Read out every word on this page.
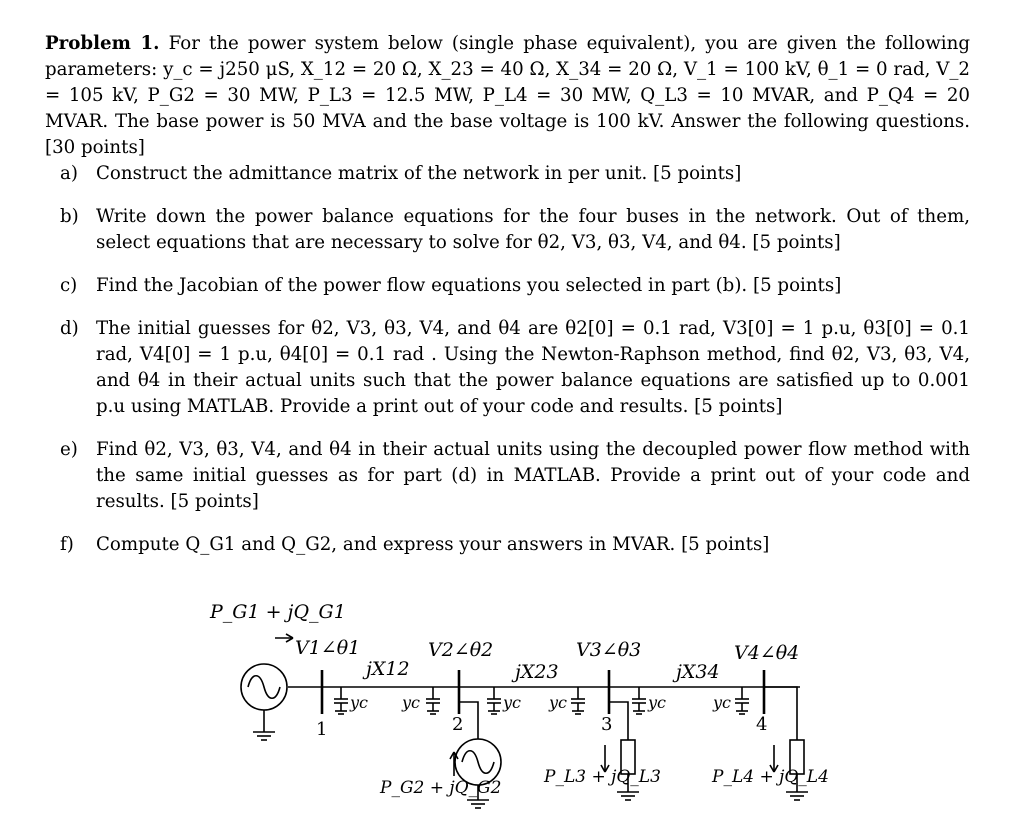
Problem 1. For the power system below (single phase equivalent), you are given the following parameters: y_c = j250 μS, X_12 = 20 Ω, X_23 = 40 Ω, X_34 = 20 Ω, V_1 = 100 kV, θ_1 = 0 rad, V_2 = 105 kV, P_G2 = 30 MW, P_L3 = 12.5 MW, P_L4 = 30 MW, Q_L3 = 10 MVAR, and P_Q4 = 20 MVAR. The base power is 50 MVA and the base voltage is 100 kV. Answer the following questions. [30 points]
a) Construct the admittance matrix of the network in per unit. [5 points]
b) Write down the power balance equations for the four buses in the network. Out of them, select equations that are necessary to solve for θ2, V3, θ3, V4, and θ4. [5 points]
c)	Find the Jacobian of the power flow equations you selected in part (b). [5 points]
d) The initial guesses for θ2, V3, θ3, V4, and θ4 are θ2[0] = 0.1 rad, V3[0] = 1 p.u, θ3[0] = 0.1 rad, V4[0] = 1 p.u, θ4[0] = 0.1 rad . Using the Newton-Raphson method, find θ2, V3, θ3, V4, and θ4 in their actual units such that the power balance equations are satisfied up to 0.001 p.u using MATLAB. Provide a print out of your code and results. [5 points]
e) Find θ2, V3, θ3, V4, and θ4 in their actual units using the decoupled power flow method with the same initial guesses as for part (d) in MATLAB. Provide a print out of your code and results. [5 points]
f)	Compute Q_G1 and Q_G2, and express your answers in MVAR. [5 points]
P_G1 + jQ_G1
V1∠θ1	V2∠θ2	V3∠θ3	V4∠θ4
jX12	jX23	jX34
yc yc	yc yc	yc	yc
1	2	3	4
P_G2 + jQ_G2
P_L3 + jQ_L3	P_L4 + jQ_L4
